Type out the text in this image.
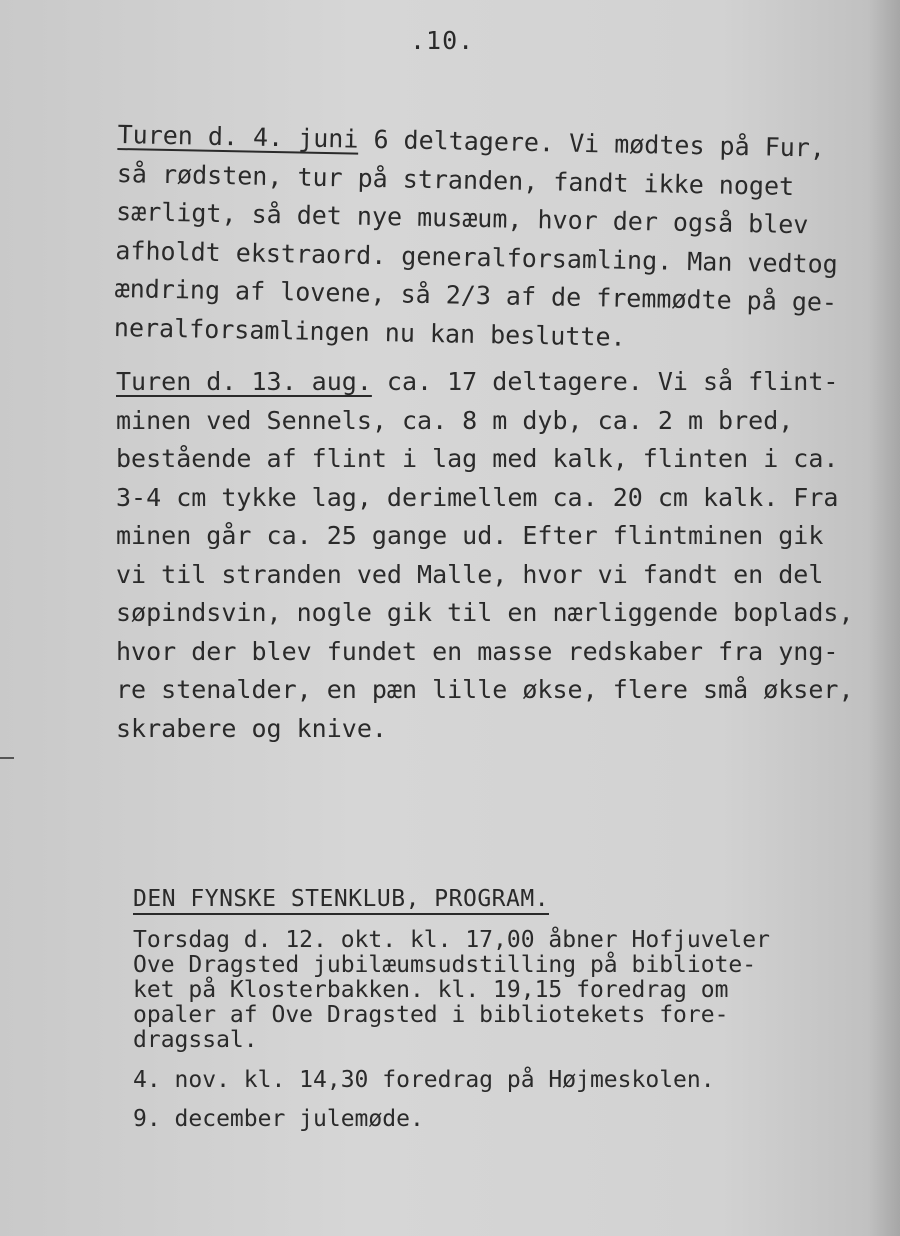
.10.

Turen d. 4. juni 6 deltagere. Vi mødtes på Fur,
så rødsten, tur på stranden, fandt ikke noget
særligt, så det nye musæum, hvor der også blev
afholdt ekstraord. generalforsamling. Man vedtog
ændring af lovene, så 2/3 af de fremmødte på ge-
neralforsamlingen nu kan beslutte.

Turen d. 13. aug. ca. 17 deltagere. Vi så flint-
minen ved Sennels, ca. 8 m dyb, ca. 2 m bred,
bestående af flint i lag med kalk, flinten i ca.
3-4 cm tykke lag, derimellem ca. 20 cm kalk. Fra
minen går ca. 25 gange ud. Efter flintminen gik
vi til stranden ved Malle, hvor vi fandt en del
søpindsvin, nogle gik til en nærliggende boplads,
hvor der blev fundet en masse redskaber fra yng-
re stenalder, en pæn lille økse, flere små økser,
skrabere og knive.

DEN FYNSKE STENKLUB, PROGRAM.

Torsdag d. 12. okt. kl. 17,00 åbner Hofjuveler
Ove Dragsted jubilæumsudstilling på bibliote-
ket på Klosterbakken. kl. 19,15 foredrag om
opaler af Ove Dragsted i bibliotekets fore-
dragssal.

4. nov. kl. 14,30 foredrag på Højmeskolen.

9. december julemøde.
